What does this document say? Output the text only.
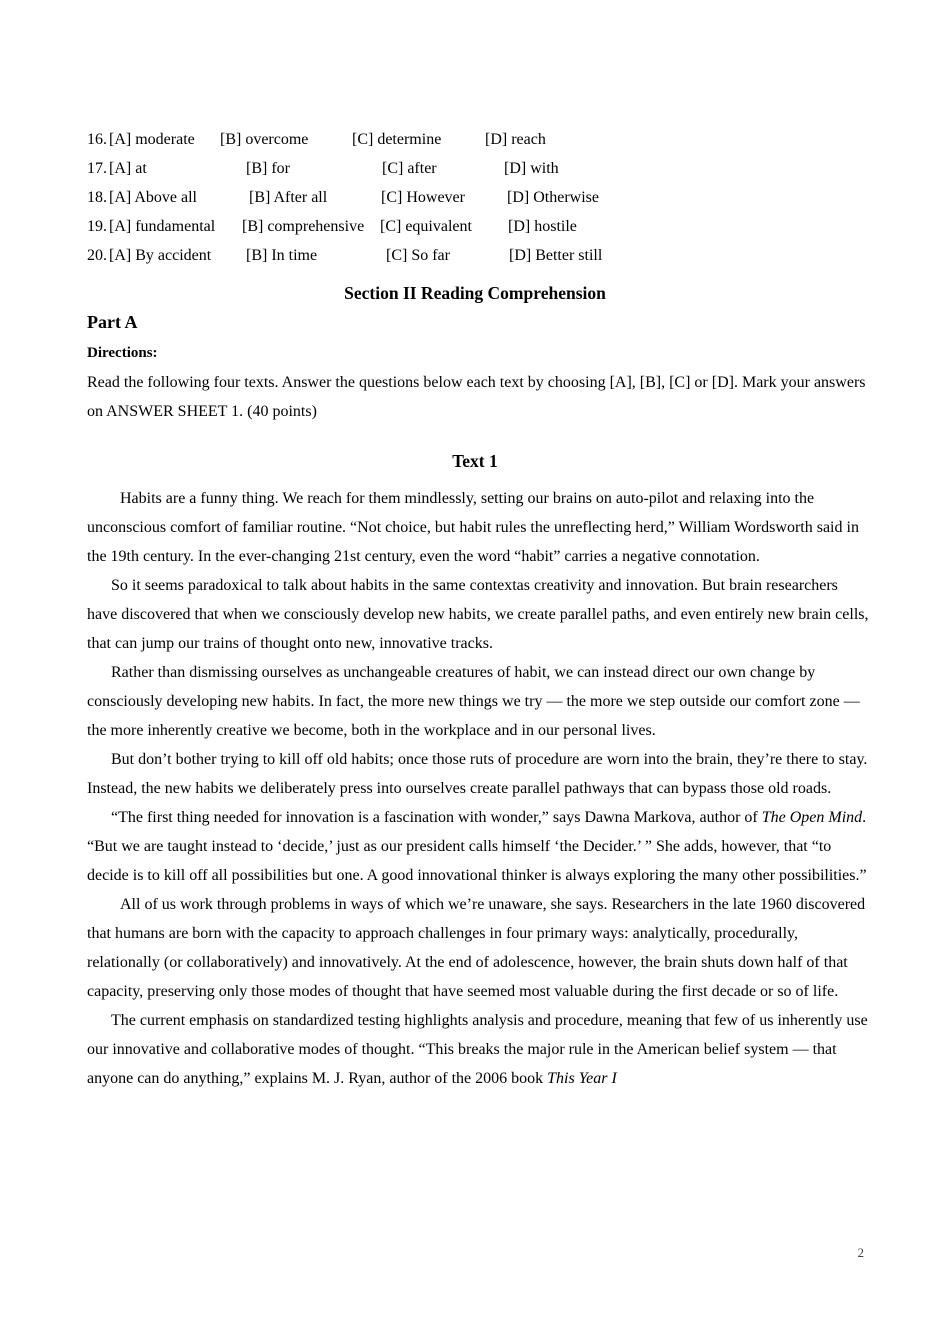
16. [A] moderate [B] overcome	[C] determine	[D] reach
17. [A] at	[B] for	[C] after	[D] with
18. [A] Above all	[B] After all	[C] However	[D] Otherwise
19. [A] fundamental [B] comprehensive [C] equivalent [D] hostile
20. [A] By accident [B] In time	[C] So far	[D] Better still
Section II Reading Comprehension
Part A
Directions:
Read the following four texts. Answer the questions below each text by choosing [A], [B], [C] or [D]. Mark your answers on ANSWER SHEET 1. (40 points)
Text 1

Habits are a funny thing. We reach for them mindlessly, setting our brains on auto-pilot and relaxing into the unconscious comfort of familiar routine. “Not choice, but habit rules the unreflecting herd,” William Wordsworth said in the 19th century. In the ever-changing 21st century, even the word “habit” carries a negative connotation.

So it seems paradoxical to talk about habits in the same contextas creativity and innovation. But brain researchers have discovered that when we consciously develop new habits, we create parallel paths, and even entirely new brain cells, that can jump our trains of thought onto new, innovative tracks.

Rather than dismissing ourselves as unchangeable creatures of habit, we can instead direct our own change by consciously developing new habits. In fact, the more new things we try — the more we step outside our comfort zone — the more inherently creative we become, both in the workplace and in our personal lives.

But don’t bother trying to kill off old habits; once those ruts of procedure are worn into the brain, they’re there to stay. Instead, the new habits we deliberately press into ourselves create parallel pathways that can bypass those old roads.

“The first thing needed for innovation is a fascination with wonder,” says Dawna Markova, author of The Open Mind. “But we are taught instead to ‘decide,’ just as our president calls himself ‘the Decider.’ ” She adds, however, that “to decide is to kill off all possibilities but one. A good innovational thinker is always exploring the many other possibilities.”

All of us work through problems in ways of which we’re unaware, she says. Researchers in the late 1960 discovered that humans are born with the capacity to approach challenges in four primary ways: analytically, procedurally, relationally (or collaboratively) and innovatively. At the end of adolescence, however, the brain shuts down half of that capacity, preserving only those modes of thought that have seemed most valuable during the first decade or so of life.

The current emphasis on standardized testing highlights analysis and procedure, meaning that few of us inherently use our innovative and collaborative modes of thought. “This breaks the major rule in the American belief system — that anyone can do anything,” explains M. J. Ryan, author of the 2006 book This Year I

2
